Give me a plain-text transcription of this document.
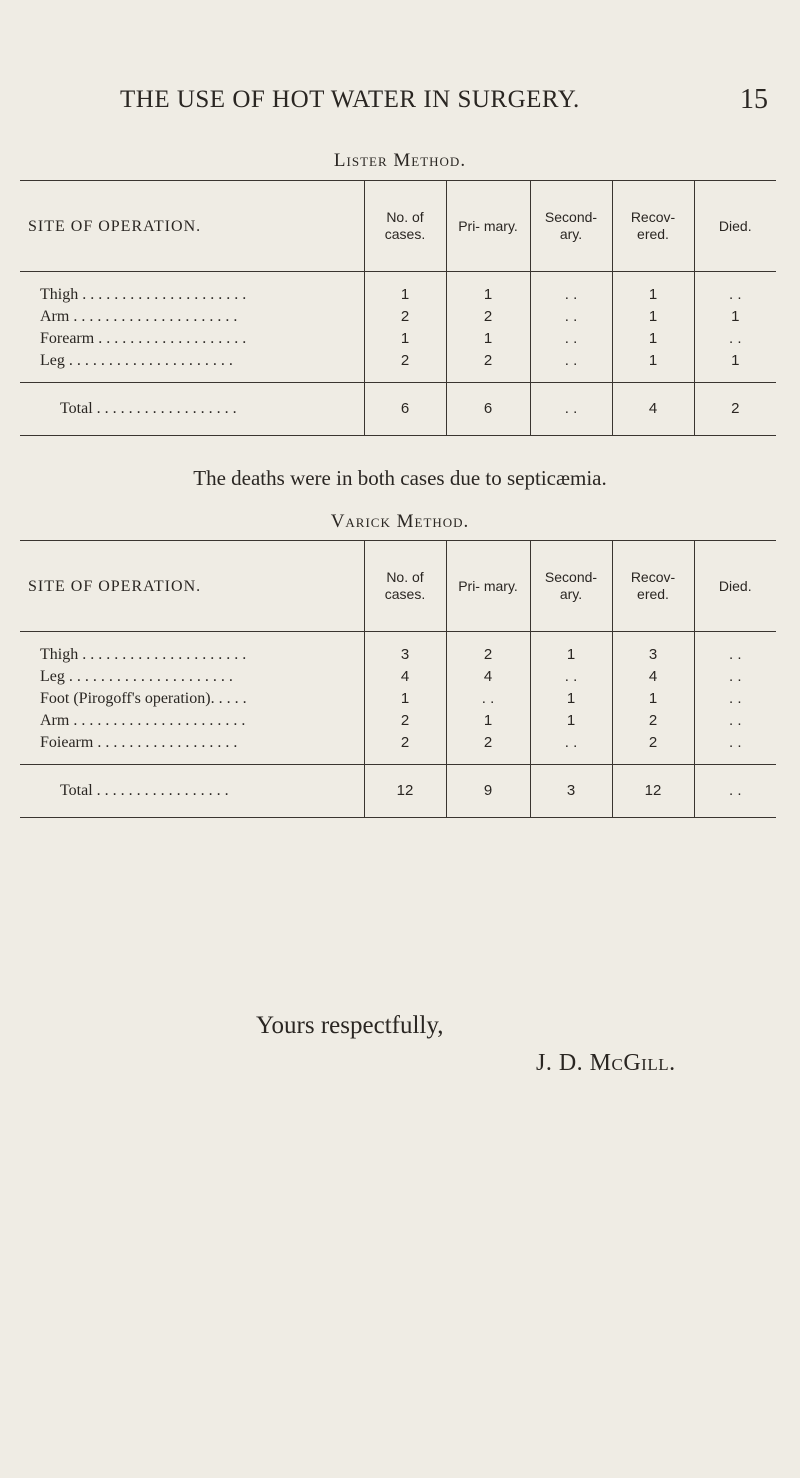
THE USE OF HOT WATER IN SURGERY.	15
Lister Method.
SITE OF OPERATION.	No. of cases.	Pri- mary.	Second- ary.	Recov- ered.	Died.
Thigh . . . . . . . . . . . . . . . . . . . . .	1	1	. .	1	. .
Arm . . . . . . . . . . . . . . . . . . . . .	2	2	. .	1	1
Forearm . . . . . . . . . . . . . . . . . . .	1	1	. .	1	. .
Leg . . . . . . . . . . . . . . . . . . . . .	2	2	. .	1	1
Total . . . . . . . . . . . . . . . . . .	6	6	. .	4	2
The deaths were in both cases due to septicæmia.
Varick Method.
SITE OF OPERATION.	No. of cases.	Pri- mary.	Second- ary.	Recov- ered.	Died.
Thigh . . . . . . . . . . . . . . . . . . . . .	3	2	1	3	. .
Leg . . . . . . . . . . . . . . . . . . . . .	4	4	. .	4	. .
Foot (Pirogoff's operation). . . . .	1	. .	1	1	. .
Arm . . . . . . . . . . . . . . . . . . . . . .	2	1	1	2	. .
Foiearm . . . . . . . . . . . . . . . . . .	2	2	. .	2	. .
Total . . . . . . . . . . . . . . . . .	12	9	3	12	. .
Yours respectfully,
J. D. McGill.
